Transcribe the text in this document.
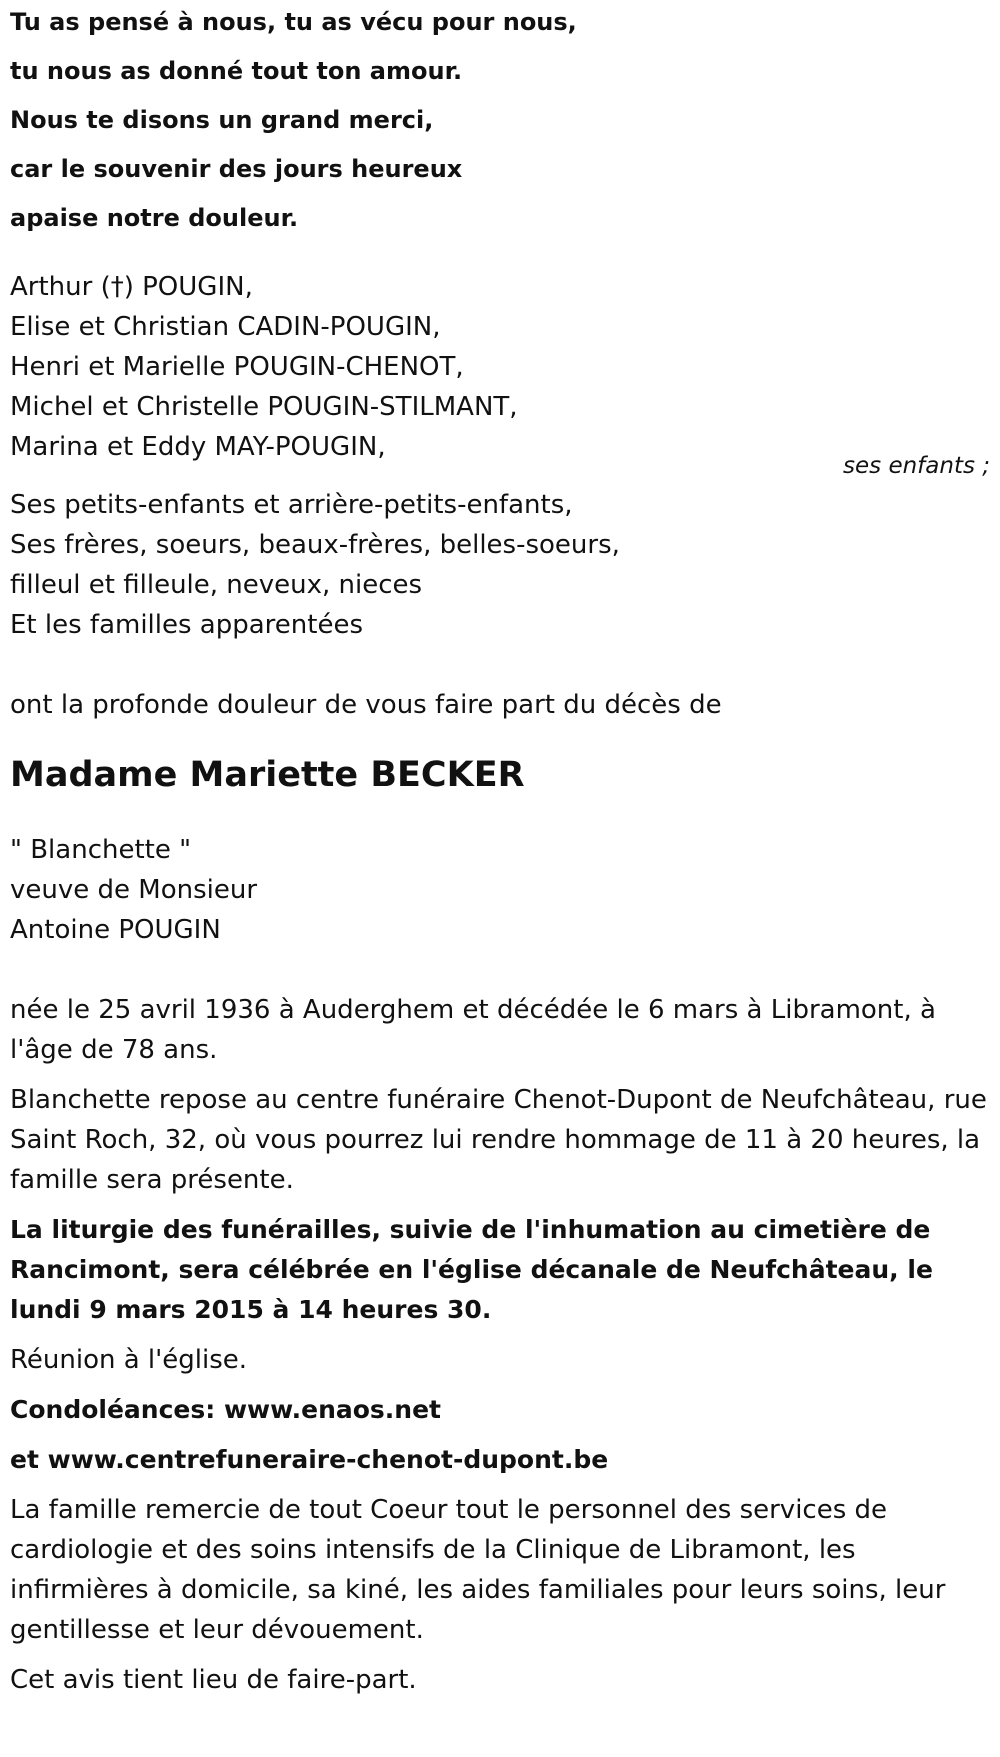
Tu as pensé à nous, tu as vécu pour nous,
tu nous as donné tout ton amour.
Nous te disons un grand merci,
car le souvenir des jours heureux
apaise notre douleur.
Arthur (†) POUGIN,
Elise et Christian CADIN-POUGIN,
Henri et Marielle POUGIN-CHENOT,
Michel et Christelle POUGIN-STILMANT,
Marina et Eddy MAY-POUGIN,
ses enfants ;
Ses petits-enfants et arrière-petits-enfants,
Ses frères, soeurs, beaux-frères, belles-soeurs,
filleul et filleule, neveux, nieces
Et les familles apparentées
ont la profonde douleur de vous faire part du décès de
Madame Mariette BECKER
" Blanchette "
veuve de Monsieur
Antoine POUGIN
née le 25 avril 1936 à Auderghem et décédée le 6 mars à Libramont, à l'âge de 78 ans.
Blanchette repose au centre funéraire Chenot-Dupont de Neufchâteau, rue Saint Roch, 32, où vous pourrez lui rendre hommage de 11 à 20 heures, la famille sera présente.
La liturgie des funérailles, suivie de l'inhumation au cimetière de Rancimont, sera célébrée en l'église décanale de Neufchâteau, le lundi 9 mars 2015 à 14 heures 30.
Réunion à l'église.
Condoléances: www.enaos.net
et www.centrefuneraire-chenot-dupont.be
La famille remercie de tout Coeur tout le personnel des services de cardiologie et des soins intensifs de la Clinique de Libramont, les infirmières à domicile, sa kiné, les aides familiales pour leurs soins, leur gentillesse et leur dévouement.
Cet avis tient lieu de faire-part.
